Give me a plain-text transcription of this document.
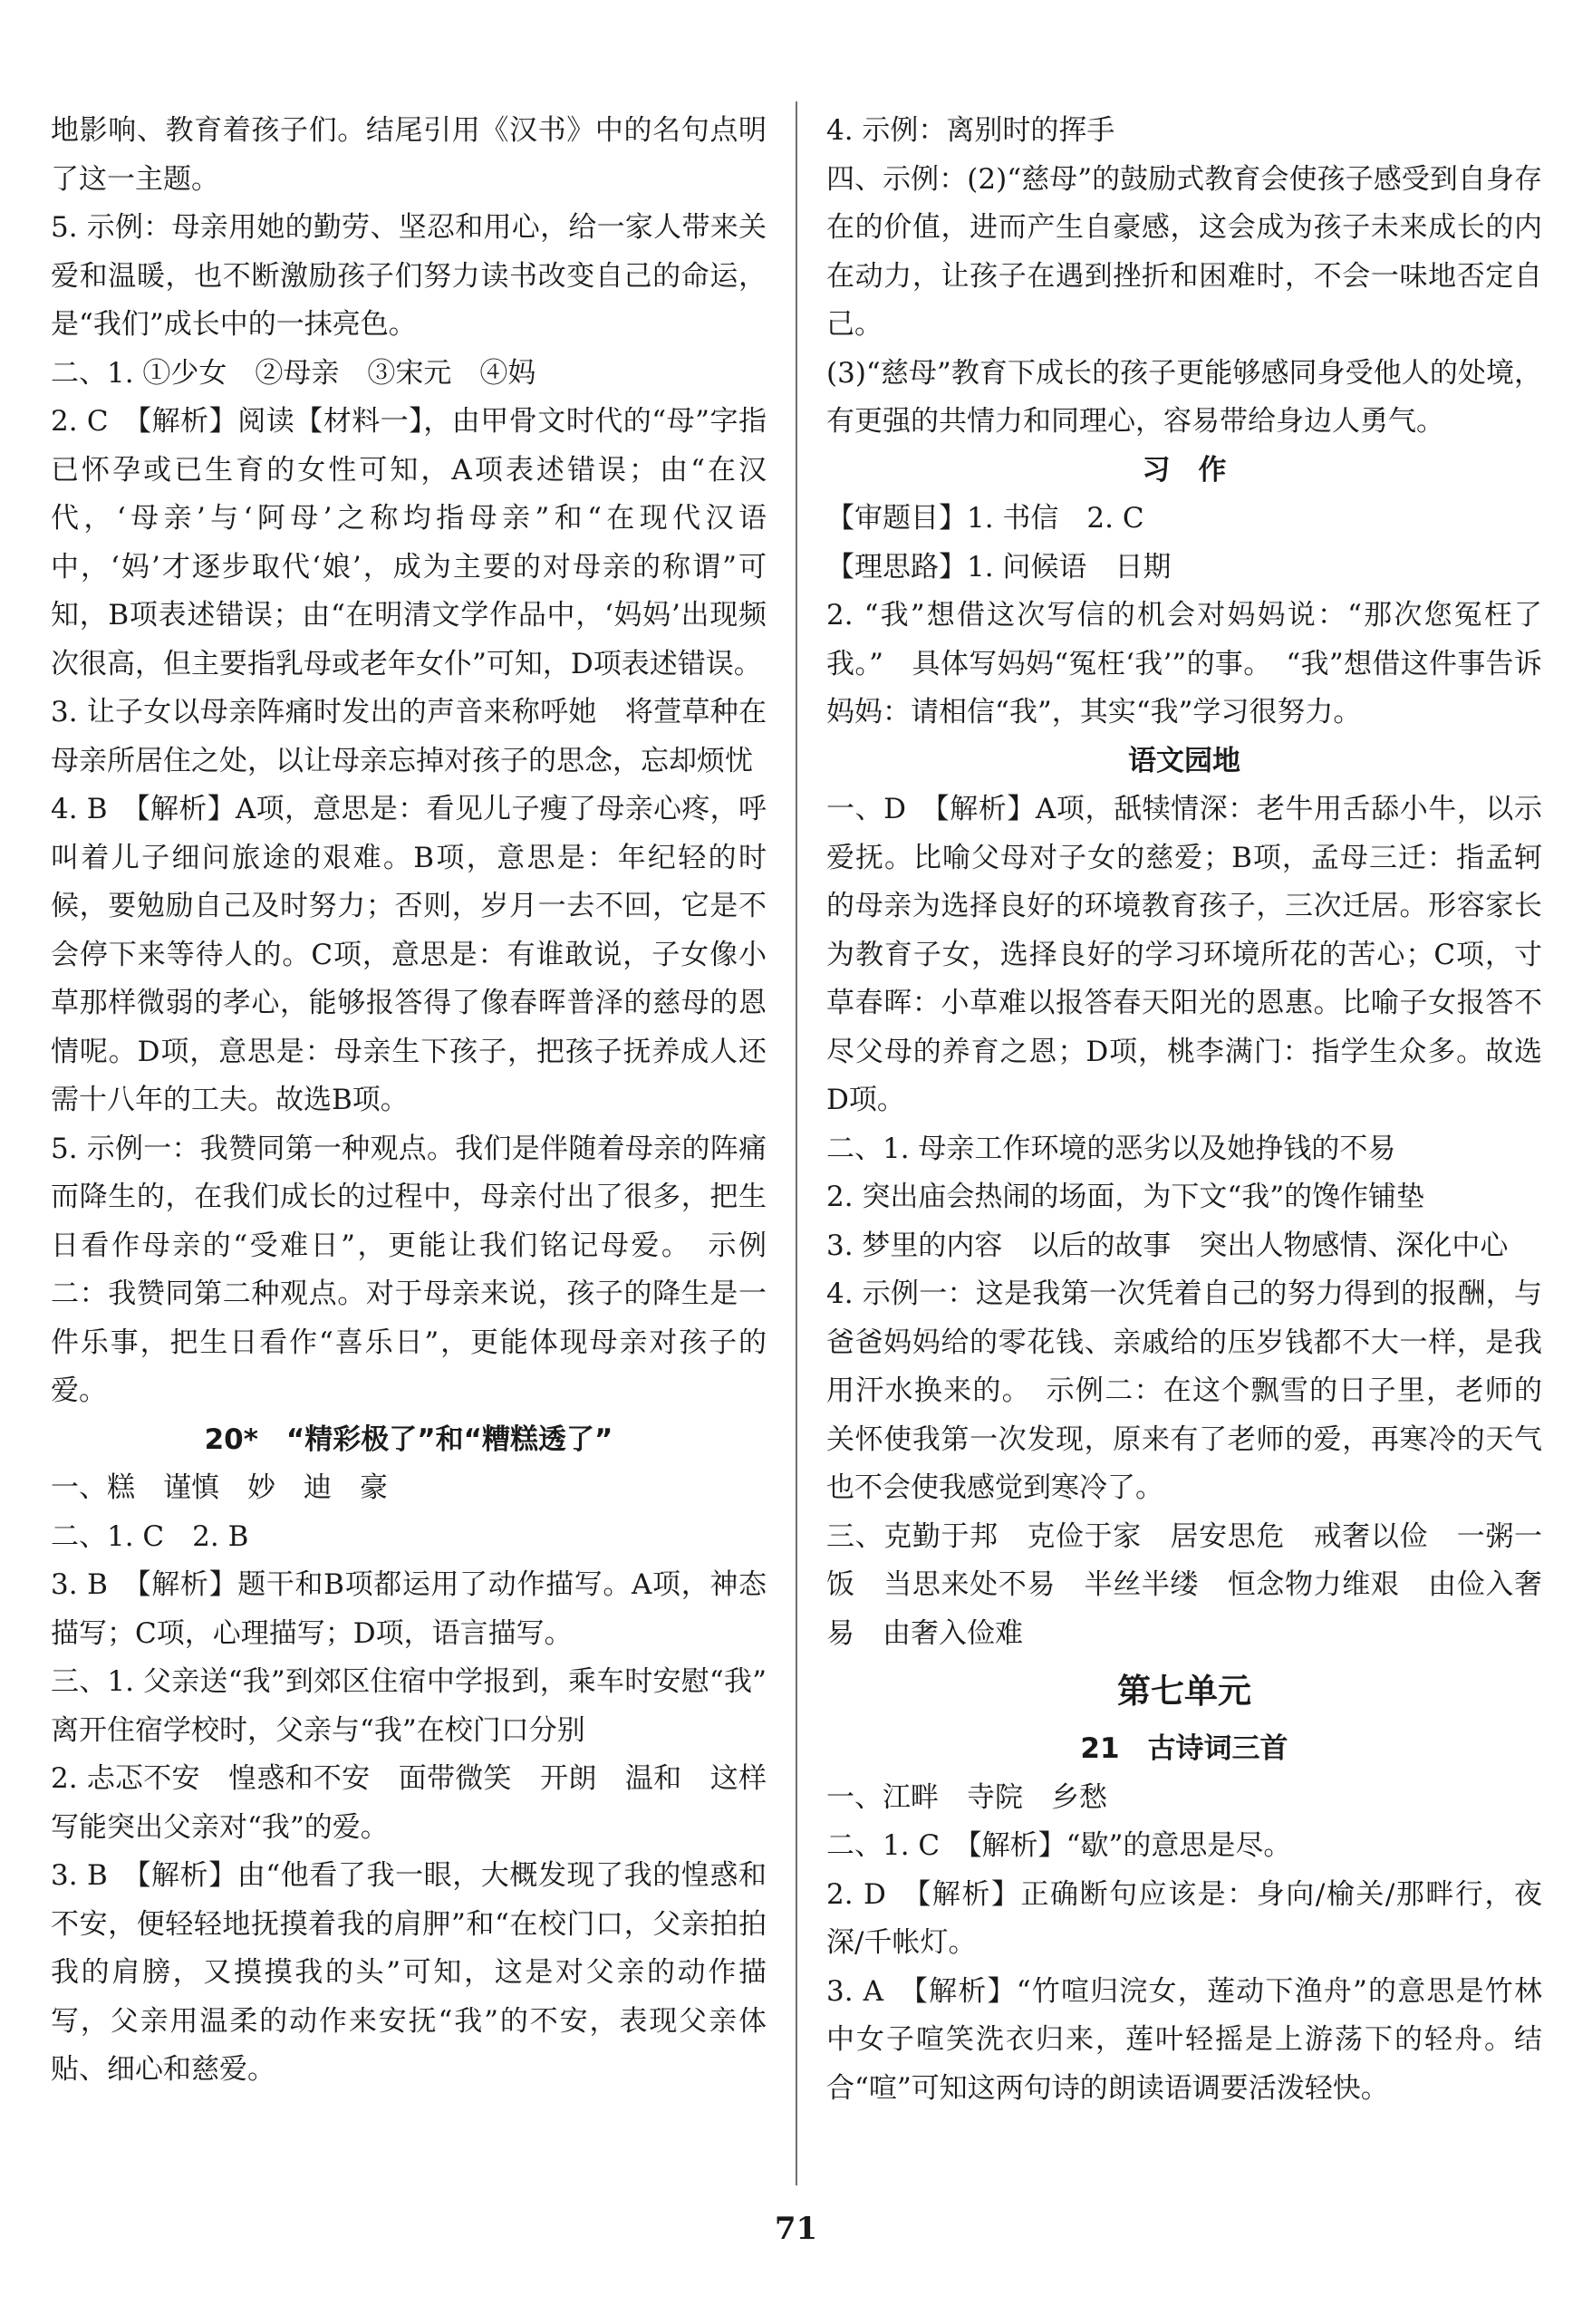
地影响、教育着孩子们。结尾引用《汉书》中的名句点明了这一主题。

5. 示例：母亲用她的勤劳、坚忍和用心，给一家人带来关爱和温暖，也不断激励孩子们努力读书改变自己的命运，是“我们”成长中的一抹亮色。

二、1. ①少女　②母亲　③宋元　④妈

2. C　【解析】阅读【材料一】，由甲骨文时代的“母”字指已怀孕或已生育的女性可知，A项表述错误；由“在汉代，‘母亲’与‘阿母’之称均指母亲”和“在现代汉语中，‘妈’才逐步取代‘娘’，成为主要的对母亲的称谓”可知，B项表述错误；由“在明清文学作品中，‘妈妈’出现频次很高，但主要指乳母或老年女仆”可知，D项表述错误。

3. 让子女以母亲阵痛时发出的声音来称呼她　将萱草种在母亲所居住之处，以让母亲忘掉对孩子的思念，忘却烦忧

4. B　【解析】A项，意思是：看见儿子瘦了母亲心疼，呼叫着儿子细问旅途的艰难。B项，意思是：年纪轻的时候，要勉励自己及时努力；否则，岁月一去不回，它是不会停下来等待人的。C项，意思是：有谁敢说，子女像小草那样微弱的孝心，能够报答得了像春晖普泽的慈母的恩情呢。D项，意思是：母亲生下孩子，把孩子抚养成人还需十八年的工夫。故选B项。

5. 示例一：我赞同第一种观点。我们是伴随着母亲的阵痛而降生的，在我们成长的过程中，母亲付出了很多，把生日看作母亲的“受难日”，更能让我们铭记母爱。　示例二：我赞同第二种观点。对于母亲来说，孩子的降生是一件乐事，把生日看作“喜乐日”，更能体现母亲对孩子的爱。

20*　“精彩极了”和“糟糕透了”

一、糕　谨慎　妙　迪　豪

二、1. C　2. B

3. B　【解析】题干和B项都运用了动作描写。A项，神态描写；C项，心理描写；D项，语言描写。

三、1. 父亲送“我”到郊区住宿中学报到，乘车时安慰“我”　离开住宿学校时，父亲与“我”在校门口分别

2. 忐忑不安　惶惑和不安　面带微笑　开朗　温和　这样写能突出父亲对“我”的爱。

3. B　【解析】由“他看了我一眼，大概发现了我的惶惑和不安，便轻轻地抚摸着我的肩胛”和“在校门口，父亲拍拍我的肩膀，又摸摸我的头”可知，这是对父亲的动作描写，父亲用温柔的动作来安抚“我”的不安，表现父亲体贴、细心和慈爱。

4. 示例：离别时的挥手

四、示例：(2)“慈母”的鼓励式教育会使孩子感受到自身存在的价值，进而产生自豪感，这会成为孩子未来成长的内在动力，让孩子在遇到挫折和困难时，不会一味地否定自己。

(3)“慈母”教育下成长的孩子更能够感同身受他人的处境，有更强的共情力和同理心，容易带给身边人勇气。

习　作

【审题目】1. 书信　2. C

【理思路】1. 问候语　日期

2. “我”想借这次写信的机会对妈妈说：“那次您冤枉了我。”　具体写妈妈“冤枉‘我’”的事。　“我”想借这件事告诉妈妈：请相信“我”，其实“我”学习很努力。

语文园地

一、D　【解析】A项，舐犊情深：老牛用舌舔小牛，以示爱抚。比喻父母对子女的慈爱；B项，孟母三迁：指孟轲的母亲为选择良好的环境教育孩子，三次迁居。形容家长为教育子女，选择良好的学习环境所花的苦心；C项，寸草春晖：小草难以报答春天阳光的恩惠。比喻子女报答不尽父母的养育之恩；D项，桃李满门：指学生众多。故选D项。

二、1. 母亲工作环境的恶劣以及她挣钱的不易

2. 突出庙会热闹的场面，为下文“我”的馋作铺垫

3. 梦里的内容　以后的故事　突出人物感情、深化中心

4. 示例一：这是我第一次凭着自己的努力得到的报酬，与爸爸妈妈给的零花钱、亲戚给的压岁钱都不大一样，是我用汗水换来的。　示例二：在这个飘雪的日子里，老师的关怀使我第一次发现，原来有了老师的爱，再寒冷的天气也不会使我感觉到寒冷了。

三、克勤于邦　克俭于家　居安思危　戒奢以俭　一粥一饭　当思来处不易　半丝半缕　恒念物力维艰　由俭入奢易　由奢入俭难

第七单元

21　古诗词三首

一、江畔　寺院　乡愁

二、1. C　【解析】“歇”的意思是尽。

2. D　【解析】正确断句应该是：身向/榆关/那畔行，夜深/千帐灯。

3. A　【解析】“竹喧归浣女，莲动下渔舟”的意思是竹林中女子喧笑洗衣归来，莲叶轻摇是上游荡下的轻舟。结合“喧”可知这两句诗的朗读语调要活泼轻快。

71
